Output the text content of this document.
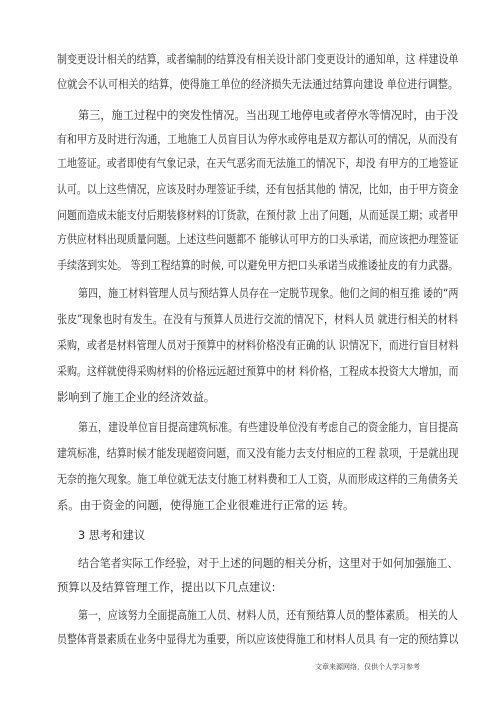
制变更设计相关的结算，或者编制的结算没有相关设计部门变更设计的通知单，这 样建设单
位就会不认可相关的结算，使得施工单位的经济损失无法通过结算向建设 单位进行调整。
第三，施工过程中的突发性情况。当出现工地停电或者停水等情况时，由于没
有和甲方及时进行沟通，工地施工人员盲目认为停水或停电是双方都认可的情况，从而没有
工地签证。或者即使有气象记录，在天气恶劣而无法施工的情况下，却没 有甲方的工地签证
认可。以上这些情况，应该及时办理签证手续，还有包括其他的 情况，比如，由于甲方资金
问题而造成未能支付后期装修材料的订货款，在预付款 上出了问题，从而延误工期；或者甲
方供应材料出现质量问题。上述这些问题都不 能够认可甲方的口头承诺，而应该把办理签证
手续落到实处。 等到工程结算的时候, 可以避免甲方把口头承诺当成推诿扯皮的有力武器。
第四，施工材料管理人员与预结算人员存在一定脱节现象。他们之间的相互推 诿的“两
张皮”现象也时有发生。在没有与预算人员进行交流的情况下，材料人员 就进行相关的材料
采购，或者是材料管理人员对于预算中的材料价格没有正确的认 识情况下，而进行盲目材料
采购。这样就使得采购材料的价格远远超过预算中的材 料价格，工程成本投资大大增加，而
影响到了施工企业的经济效益。
第五，建设单位盲目提高建筑标准。有些建设单位没有考虑自己的资金能力，盲目提高
建筑标准，结算时候才能发现超资问题，而又没有能力去支付相应的工程 款项，于是就出现
无奈的拖欠现象。施工单位就无法支付施工材料费和工人工资，从而形成这样的三角债务关
系。由于资金的问题，使得施工企业很难进行正常的运 转。
3 思考和建议
结合笔者实际工作经验，对于上述的问题的相关分析，这里对于如何加强施工、
预算以及结算管理工作，提出以下几点建议:
第一，应该努力全面提高施工人员、材料人员，还有预结算人员的整体素质。 相关的人
员整体背景素质在业务中显得尤为重要，所以应该使得施工和材料人员具 有一定的预结算以
文章来源网络，仅供个人学习参考
